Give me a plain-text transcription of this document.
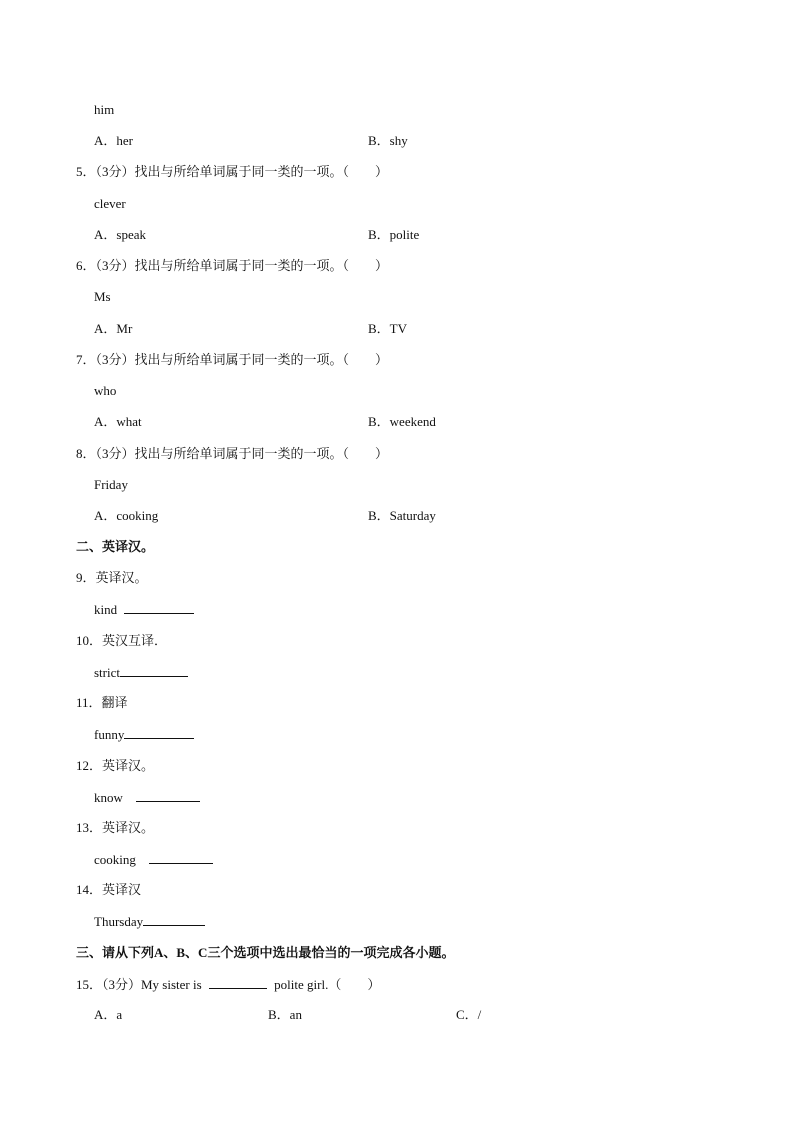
him
A．her	B．shy
5．（3分）找出与所给单词属于同一类的一项。（　　）
clever
A．speak	B．polite
6．（3分）找出与所给单词属于同一类的一项。（　　）
Ms
A．Mr	B．TV
7．（3分）找出与所给单词属于同一类的一项。（　　）
who
A．what	B．weekend
8．（3分）找出与所给单词属于同一类的一项。（　　）
Friday
A．cooking	B．Saturday
二、英译汉。
9．英译汉。
kind
10．英汉互译．
strict
11．翻译
funny
12．英译汉。
know
13．英译汉。
cooking
14．英译汉
Thursday
三、请从下列A、B、C三个选项中选出最恰当的一项完成各小题。
15．（3分）My sister is	polite girl.（　　）
A．a	B．an	C．/
